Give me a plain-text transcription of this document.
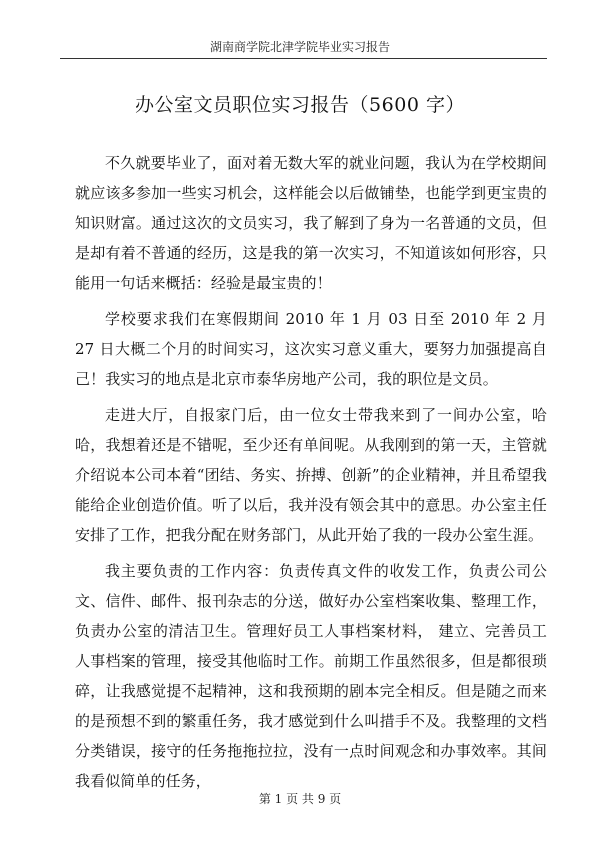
湖南商学院北津学院毕业实习报告
办公室文员职位实习报告（5600 字）

不久就要毕业了，面对着无数大军的就业问题，我认为在学校期间就应该多参加一些实习机会，这样能会以后做铺垫，也能学到更宝贵的知识财富。通过这次的文员实习，我了解到了身为一名普通的文员，但是却有着不普通的经历，这是我的第一次实习，不知道该如何形容，只能用一句话来概括：经验是最宝贵的！

学校要求我们在寒假期间 2010 年 1 月 03 日至 2010 年 2 月 27 日大概二个月的时间实习，这次实习意义重大，要努力加强提高自己！我实习的地点是北京市泰华房地产公司，我的职位是文员。

走进大厅，自报家门后，由一位女士带我来到了一间办公室，哈哈，我想着还是不错呢，至少还有单间呢。从我刚到的第一天，主管就介绍说本公司本着“团结、务实、拚搏、创新”的企业精神，并且希望我能给企业创造价值。听了以后，我并没有领会其中的意思。办公室主任安排了工作，把我分配在财务部门，从此开始了我的一段办公室生涯。

我主要负责的工作内容：负责传真文件的收发工作，负责公司公文、信件、邮件、报刊杂志的分送，做好办公室档案收集、整理工作，负责办公室的清洁卫生。管理好员工人事档案材料， 建立、完善员工人事档案的管理，接受其他临时工作。前期工作虽然很多，但是都很琐碎，让我感觉提不起精神，这和我预期的剧本完全相反。但是随之而来的是预想不到的繁重任务，我才感觉到什么叫措手不及。我整理的文档分类错误，接守的任务拖拖拉拉，没有一点时间观念和办事效率。其间我看似简单的任务，

第 1 页 共 9 页
